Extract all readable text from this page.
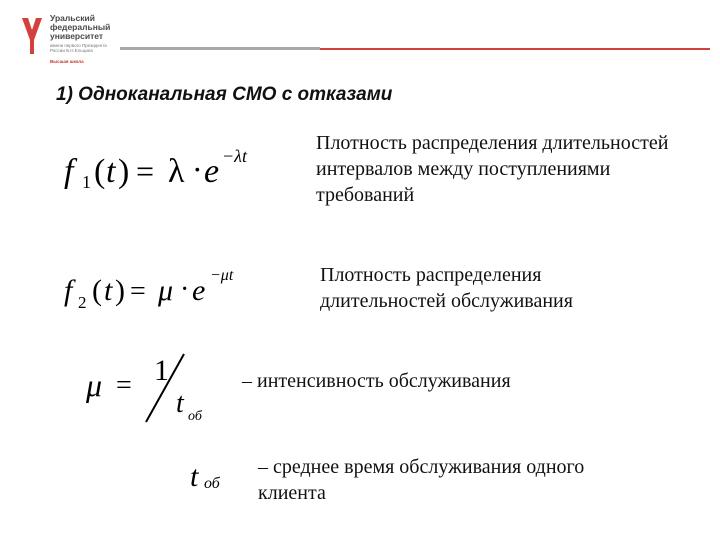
Уральский
федеральный
университет
имени первого Президента России Б.Н.Ельцина
Высшая школа
1) Одноканальная СМО с отказами
f 1 ( t ) = λ · e −λt
Плотность распределения длительностей интервалов между поступлениями требований
f 2 ( t ) = μ · e −μt	Плотность распределения длительностей обслуживания
μ = 1
t об
– интенсивность обслуживания
t об
– среднее время обслуживания одного клиента
